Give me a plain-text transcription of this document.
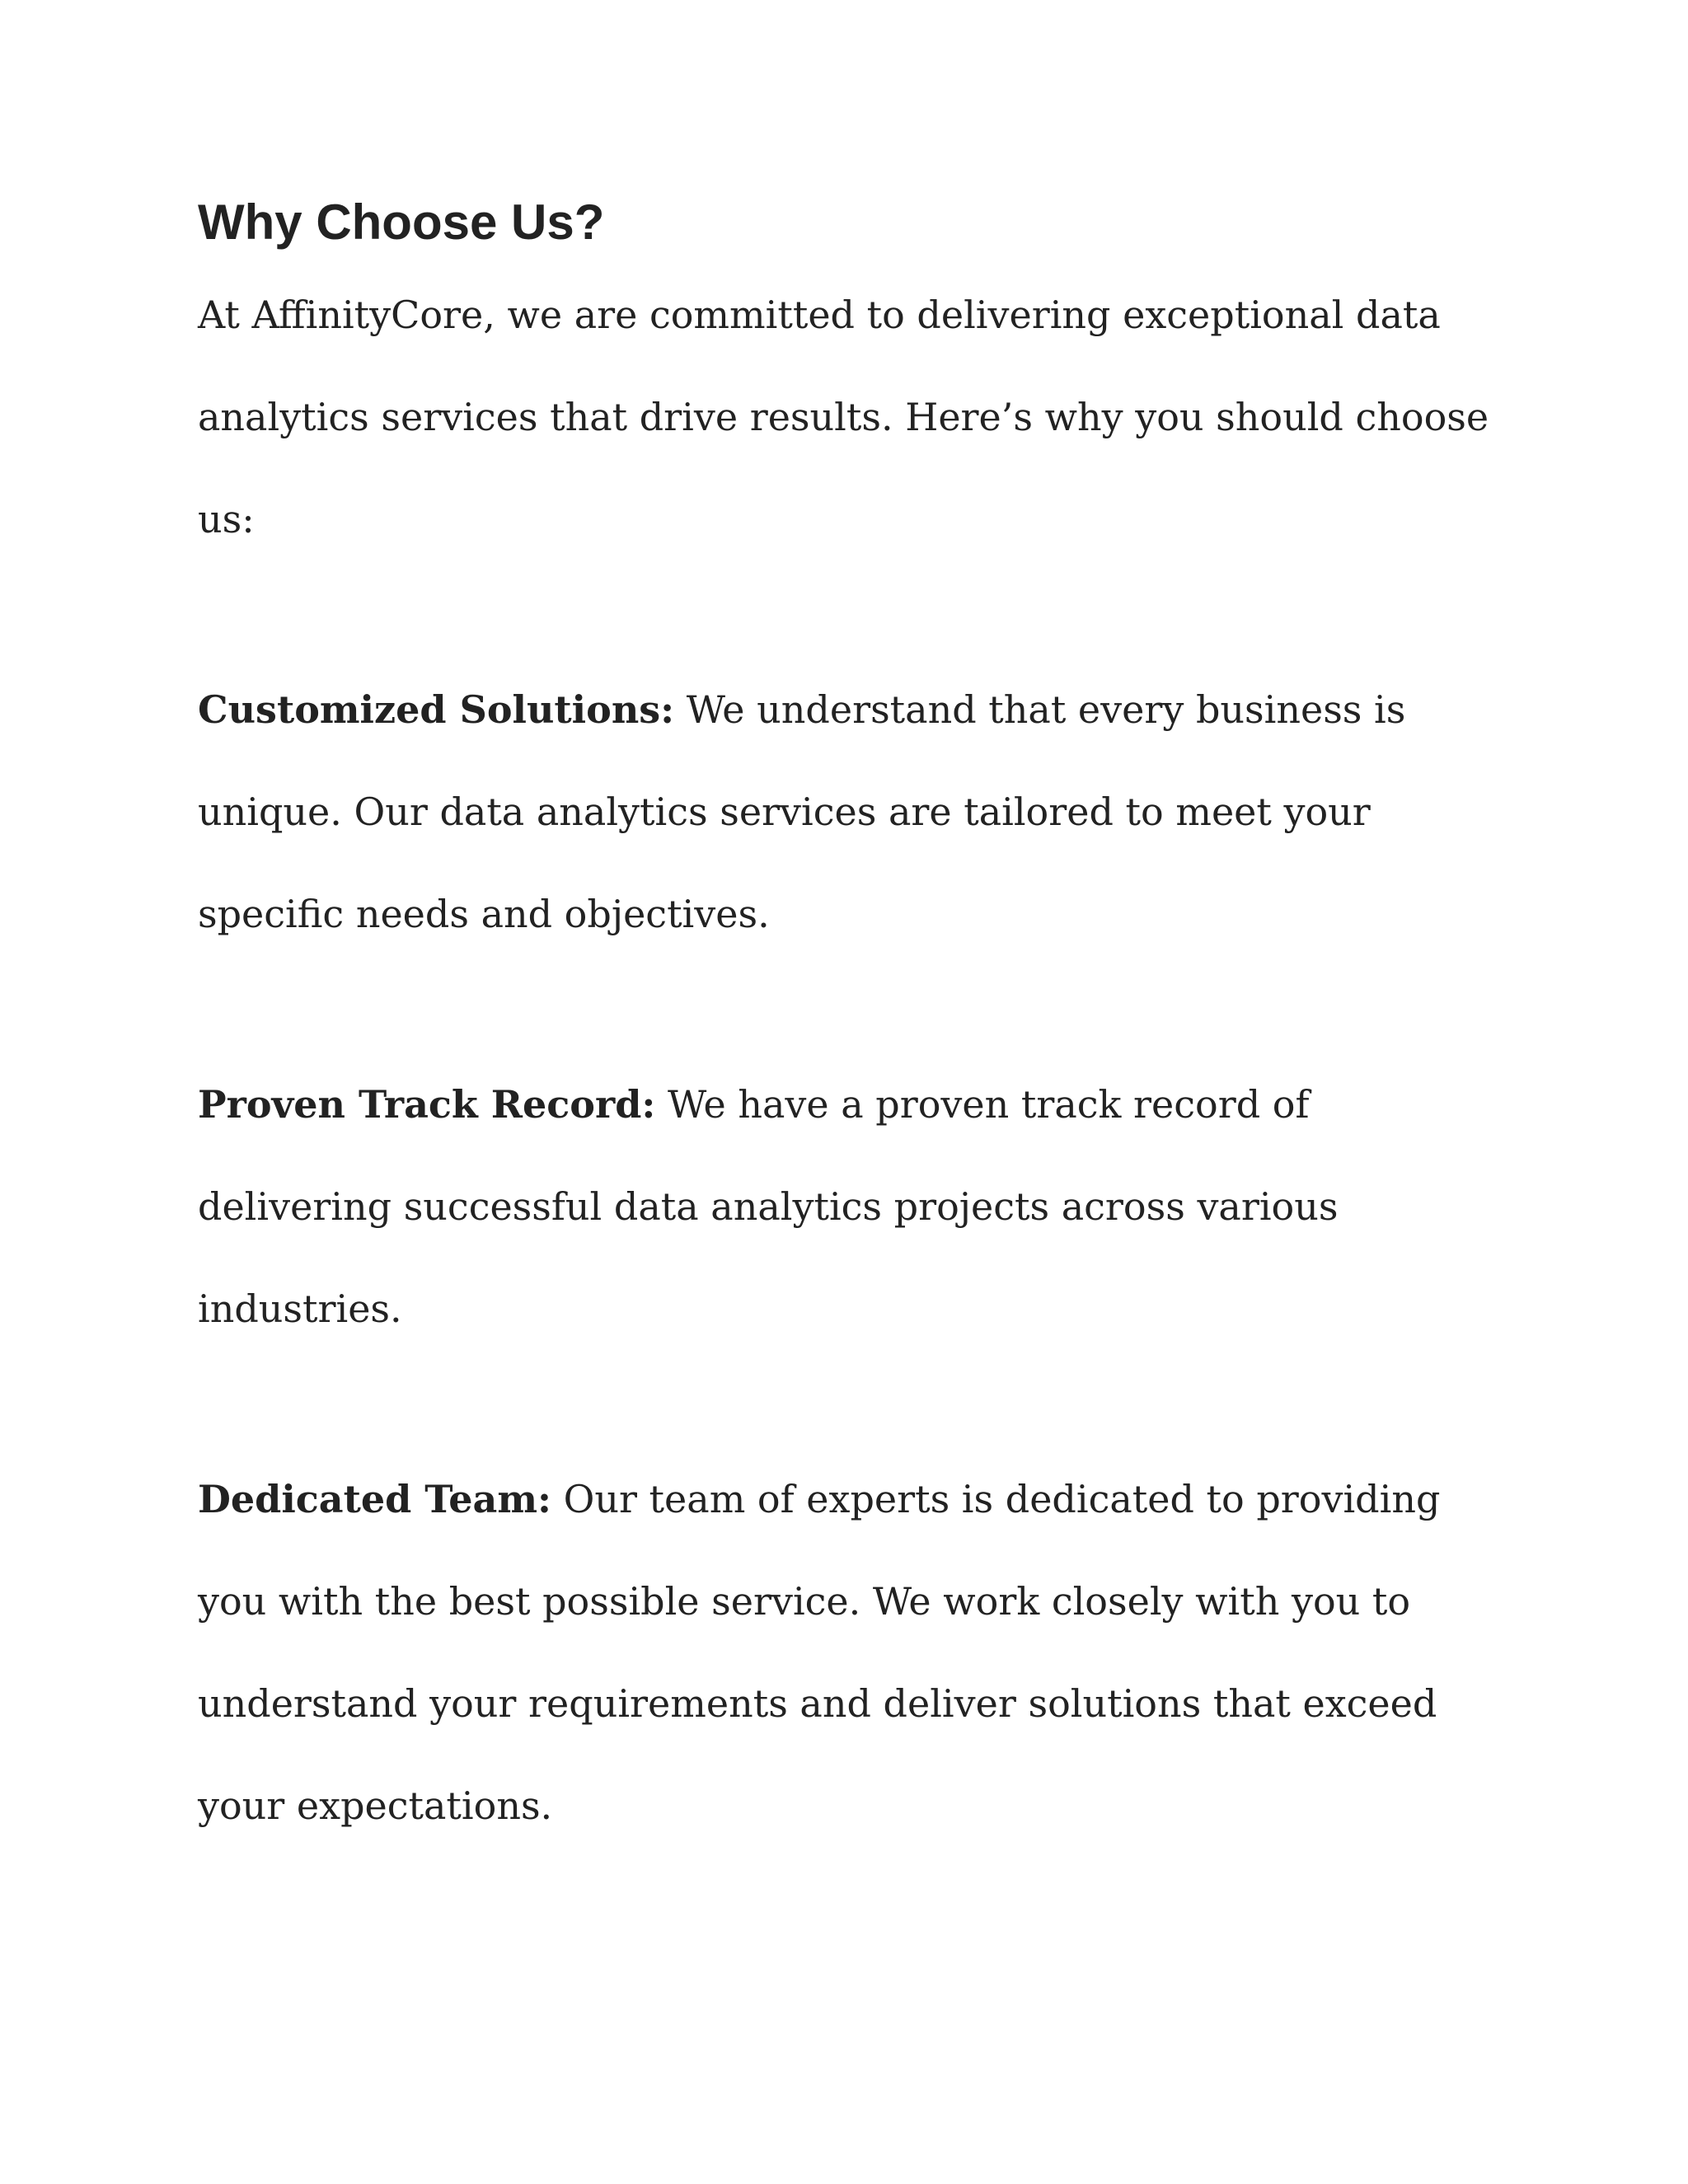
Why Choose Us?

At AffinityCore, we are committed to delivering exceptional data analytics services that drive results. Here’s why you should choose us:

Customized Solutions: We understand that every business is unique. Our data analytics services are tailored to meet your specific needs and objectives.

Proven Track Record: We have a proven track record of delivering successful data analytics projects across various industries.

Dedicated Team: Our team of experts is dedicated to providing you with the best possible service. We work closely with you to understand your requirements and deliver solutions that exceed your expectations.
